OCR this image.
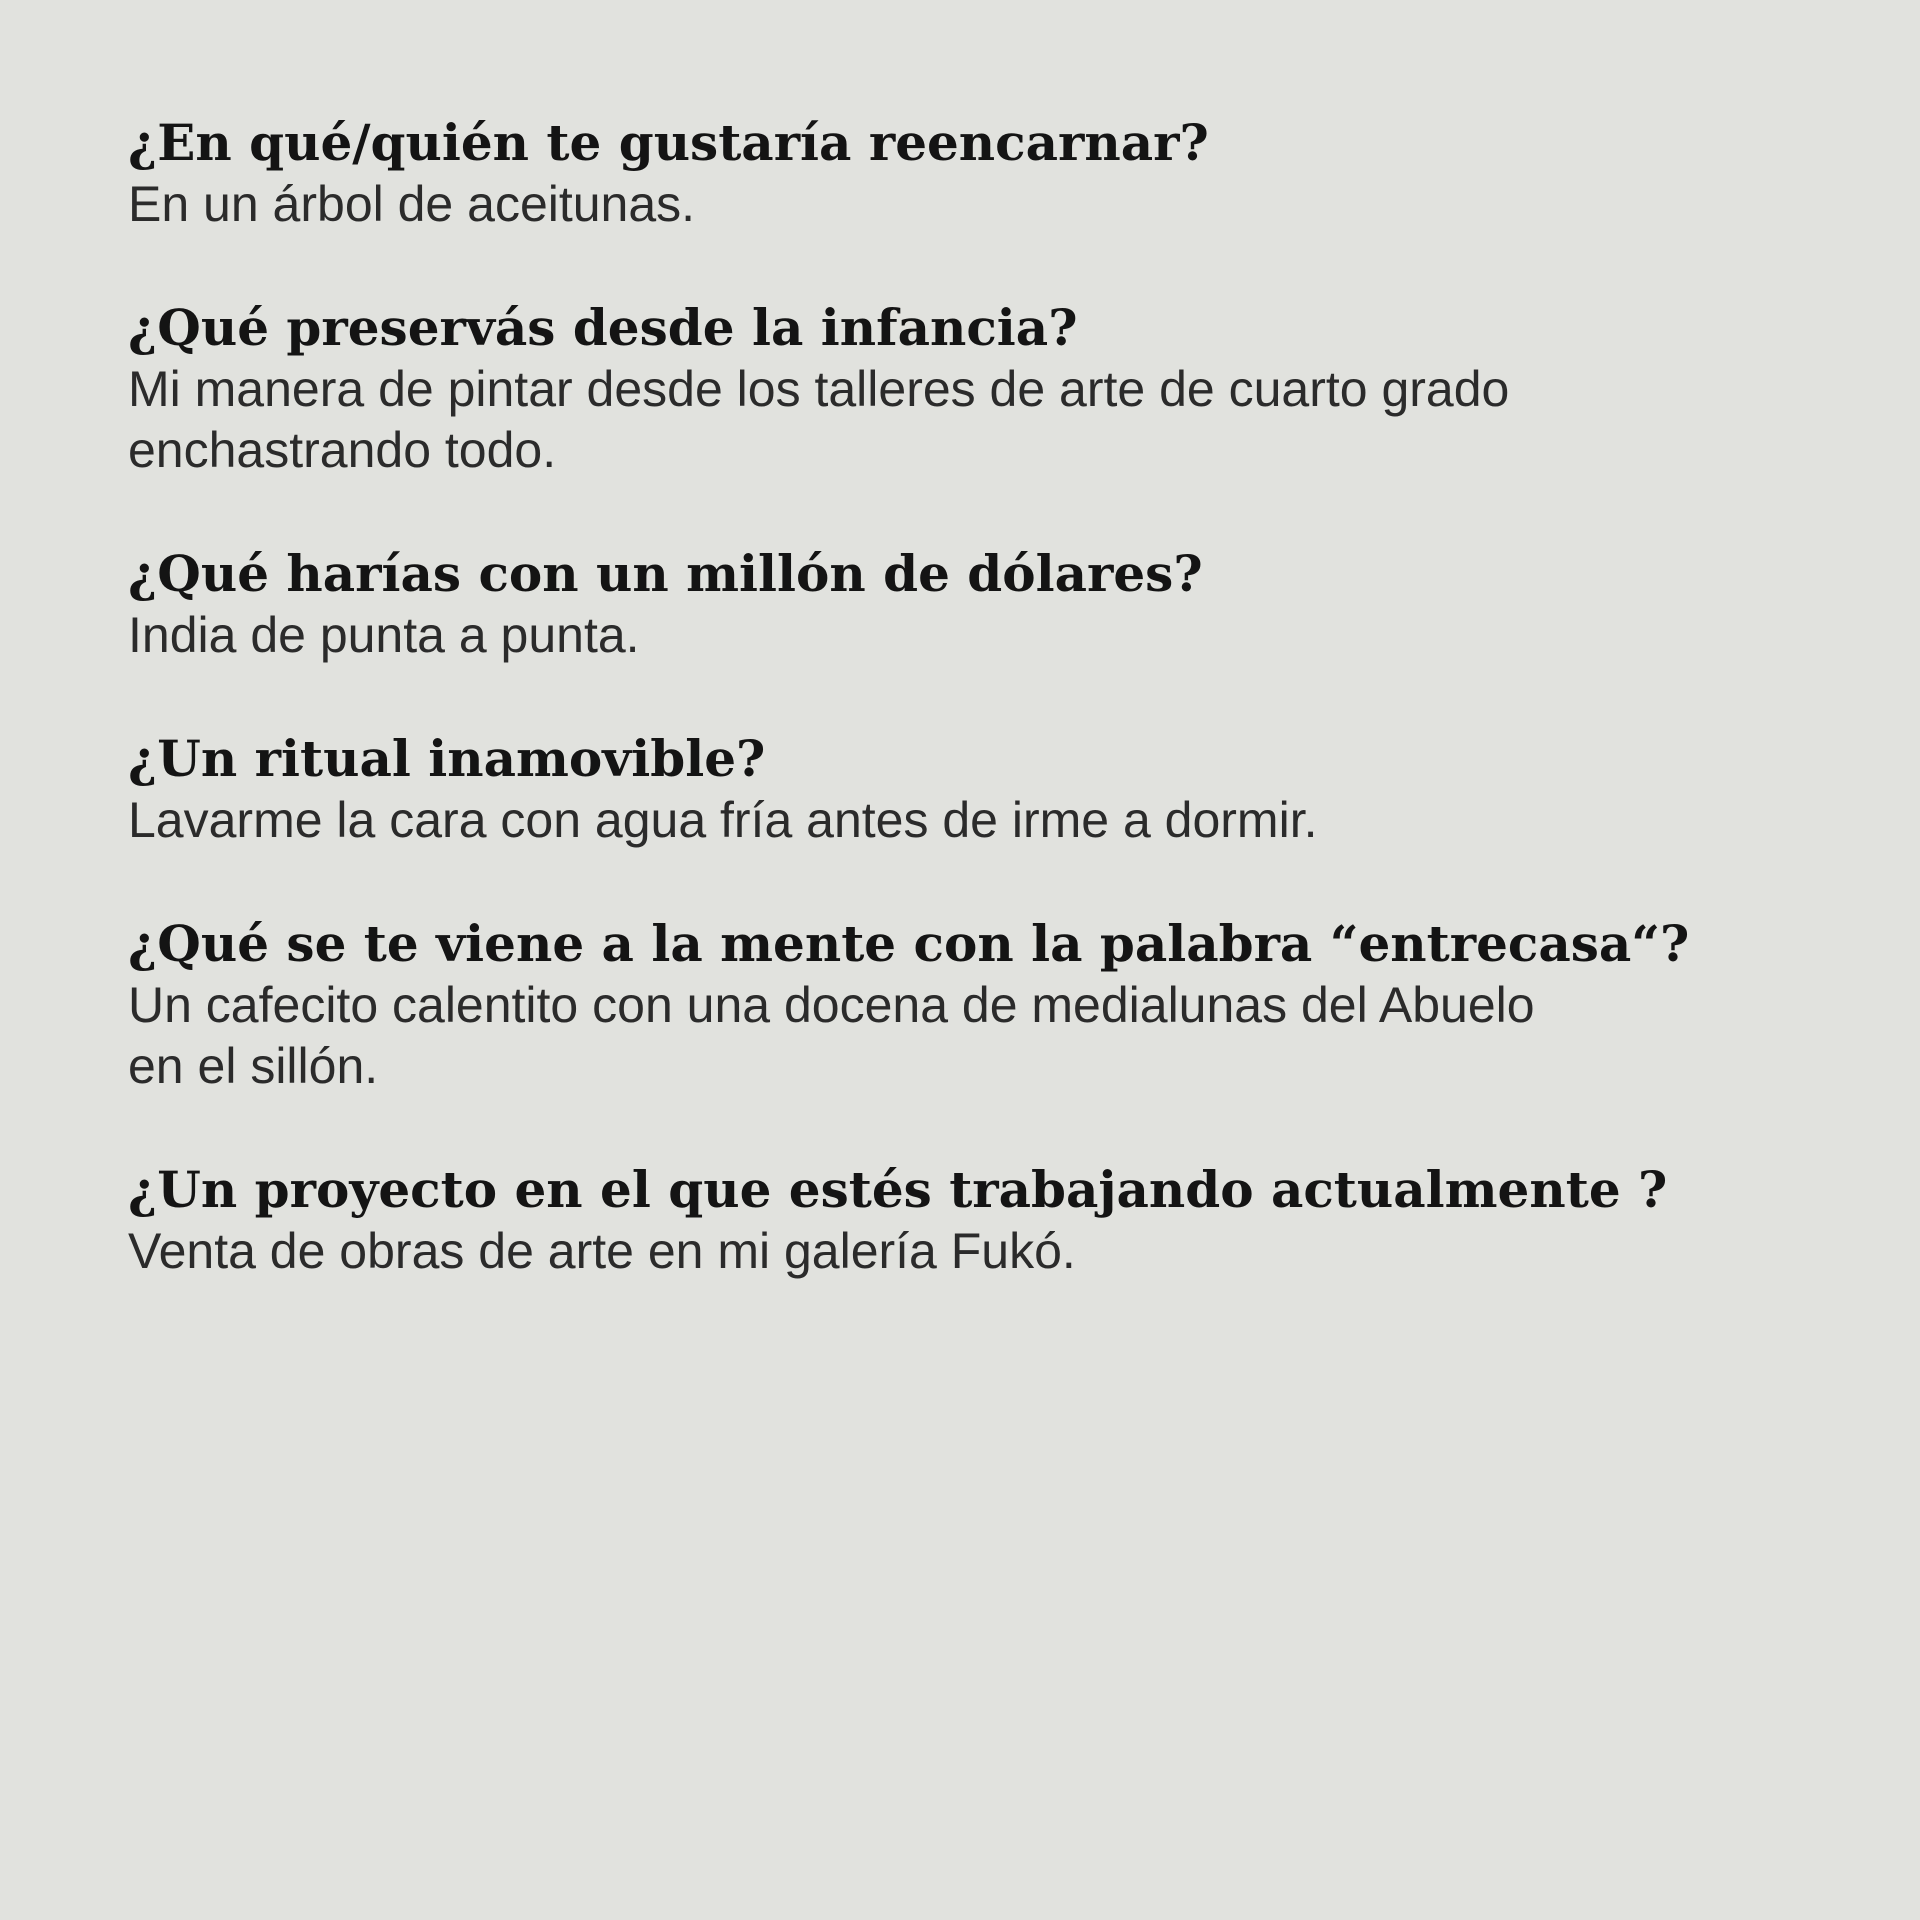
¿En qué/quién te gustaría reencarnar?
En un árbol de aceitunas.
¿Qué preservás desde la infancia?
Mi manera de pintar desde los talleres de arte de cuarto grado
enchastrando todo.
¿Qué harías con un millón de dólares?
India de punta a punta.
¿Un ritual inamovible?
Lavarme la cara con agua fría antes de irme a dormir.
¿Qué se te viene a la mente con la palabra “entrecasa“?
Un cafecito calentito con una docena de medialunas del Abuelo
en el sillón.
¿Un proyecto en el que estés trabajando actualmente ?
Venta de obras de arte en mi galería Fukó.
